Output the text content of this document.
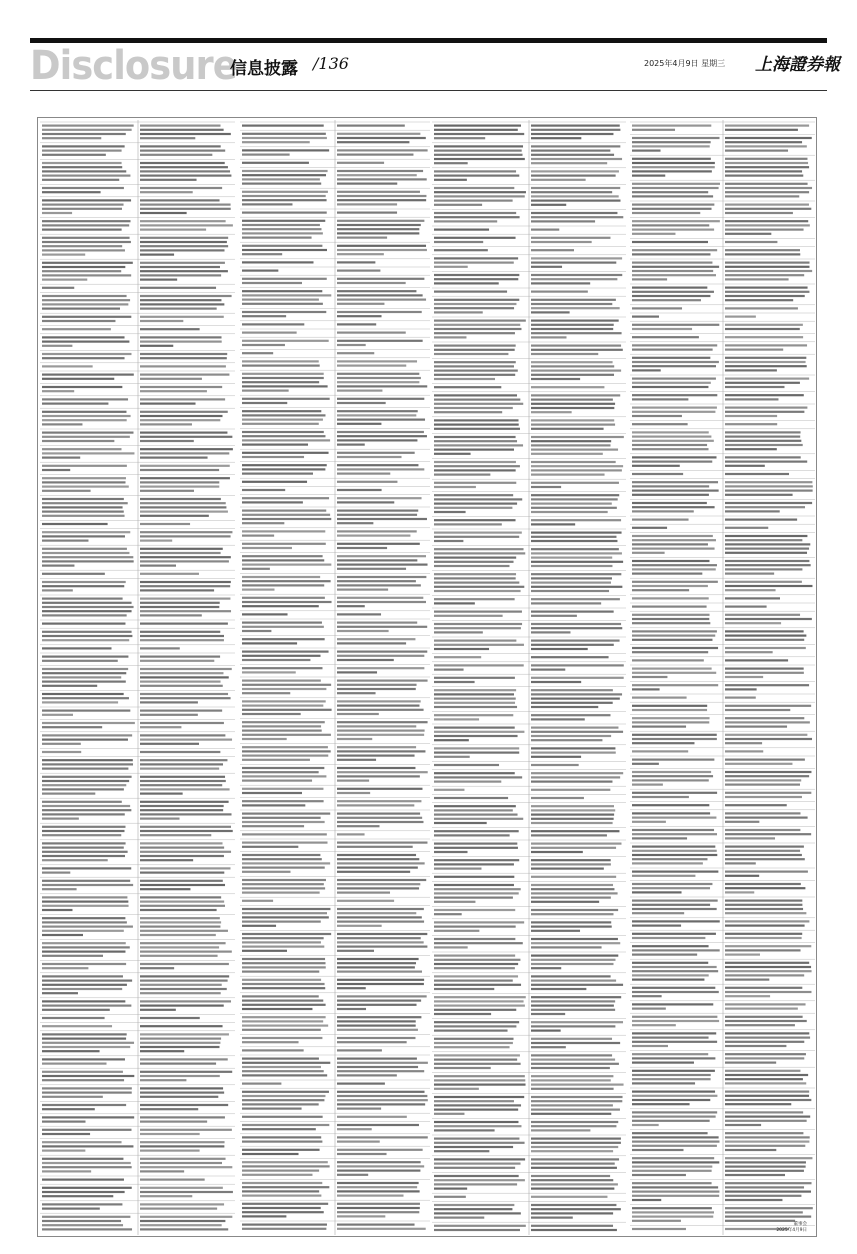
Disclosure
信息披露 /136	2025年4月9日 星期三 上海證券報
董事会
2025年4月9日
